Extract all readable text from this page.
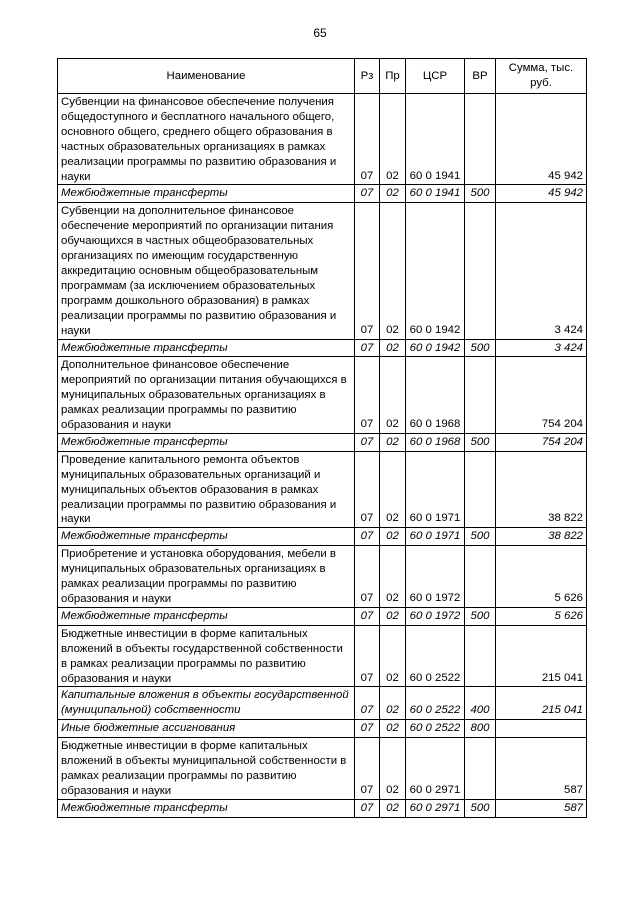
65
Наименование	Рз	Пр	ЦСР	ВР	Сумма, тыс. руб.
Субвенции на финансовое обеспечение получения общедоступного и бесплатного начального общего, основного общего, среднего общего образования в частных образовательных организациях в рамках реализации программы по развитию образования и науки	07	02	60 0 1941		45 942
Межбюджетные трансферты	07	02	60 0 1941	500	45 942
Субвенции на дополнительное финансовое обеспечение мероприятий по организации питания обучающихся в частных общеобразовательных организациях по имеющим государственную аккредитацию основным общеобразовательным программам (за исключением образовательных программ дошкольного образования) в рамках реализации программы по развитию образования и науки	07	02	60 0 1942		3 424
Межбюджетные трансферты	07	02	60 0 1942	500	3 424
Дополнительное финансовое обеспечение мероприятий по организации питания обучающихся в муниципальных образовательных организациях в рамках реализации программы по развитию образования и науки	07	02	60 0 1968		754 204
Межбюджетные трансферты	07	02	60 0 1968	500	754 204
Проведение капитального ремонта объектов муниципальных образовательных организаций и муниципальных объектов образования в рамках реализации программы по развитию образования и науки	07	02	60 0 1971		38 822
Межбюджетные трансферты	07	02	60 0 1971	500	38 822
Приобретение и установка оборудования, мебели в муниципальных образовательных организациях в рамках реализации программы по развитию образования и науки	07	02	60 0 1972		5 626
Межбюджетные трансферты	07	02	60 0 1972	500	5 626
Бюджетные инвестиции в форме капитальных вложений в объекты государственной собственности в рамках реализации программы по развитию образования и науки	07	02	60 0 2522		215 041
Капитальные вложения в объекты государственной (муниципальной) собственности	07	02	60 0 2522	400	215 041
Иные бюджетные ассигнования	07	02	60 0 2522	800	
Бюджетные инвестиции в форме капитальных вложений в объекты муниципальной собственности в рамках реализации программы по развитию образования и науки	07	02	60 0 2971		587
Межбюджетные трансферты	07	02	60 0 2971	500	587
